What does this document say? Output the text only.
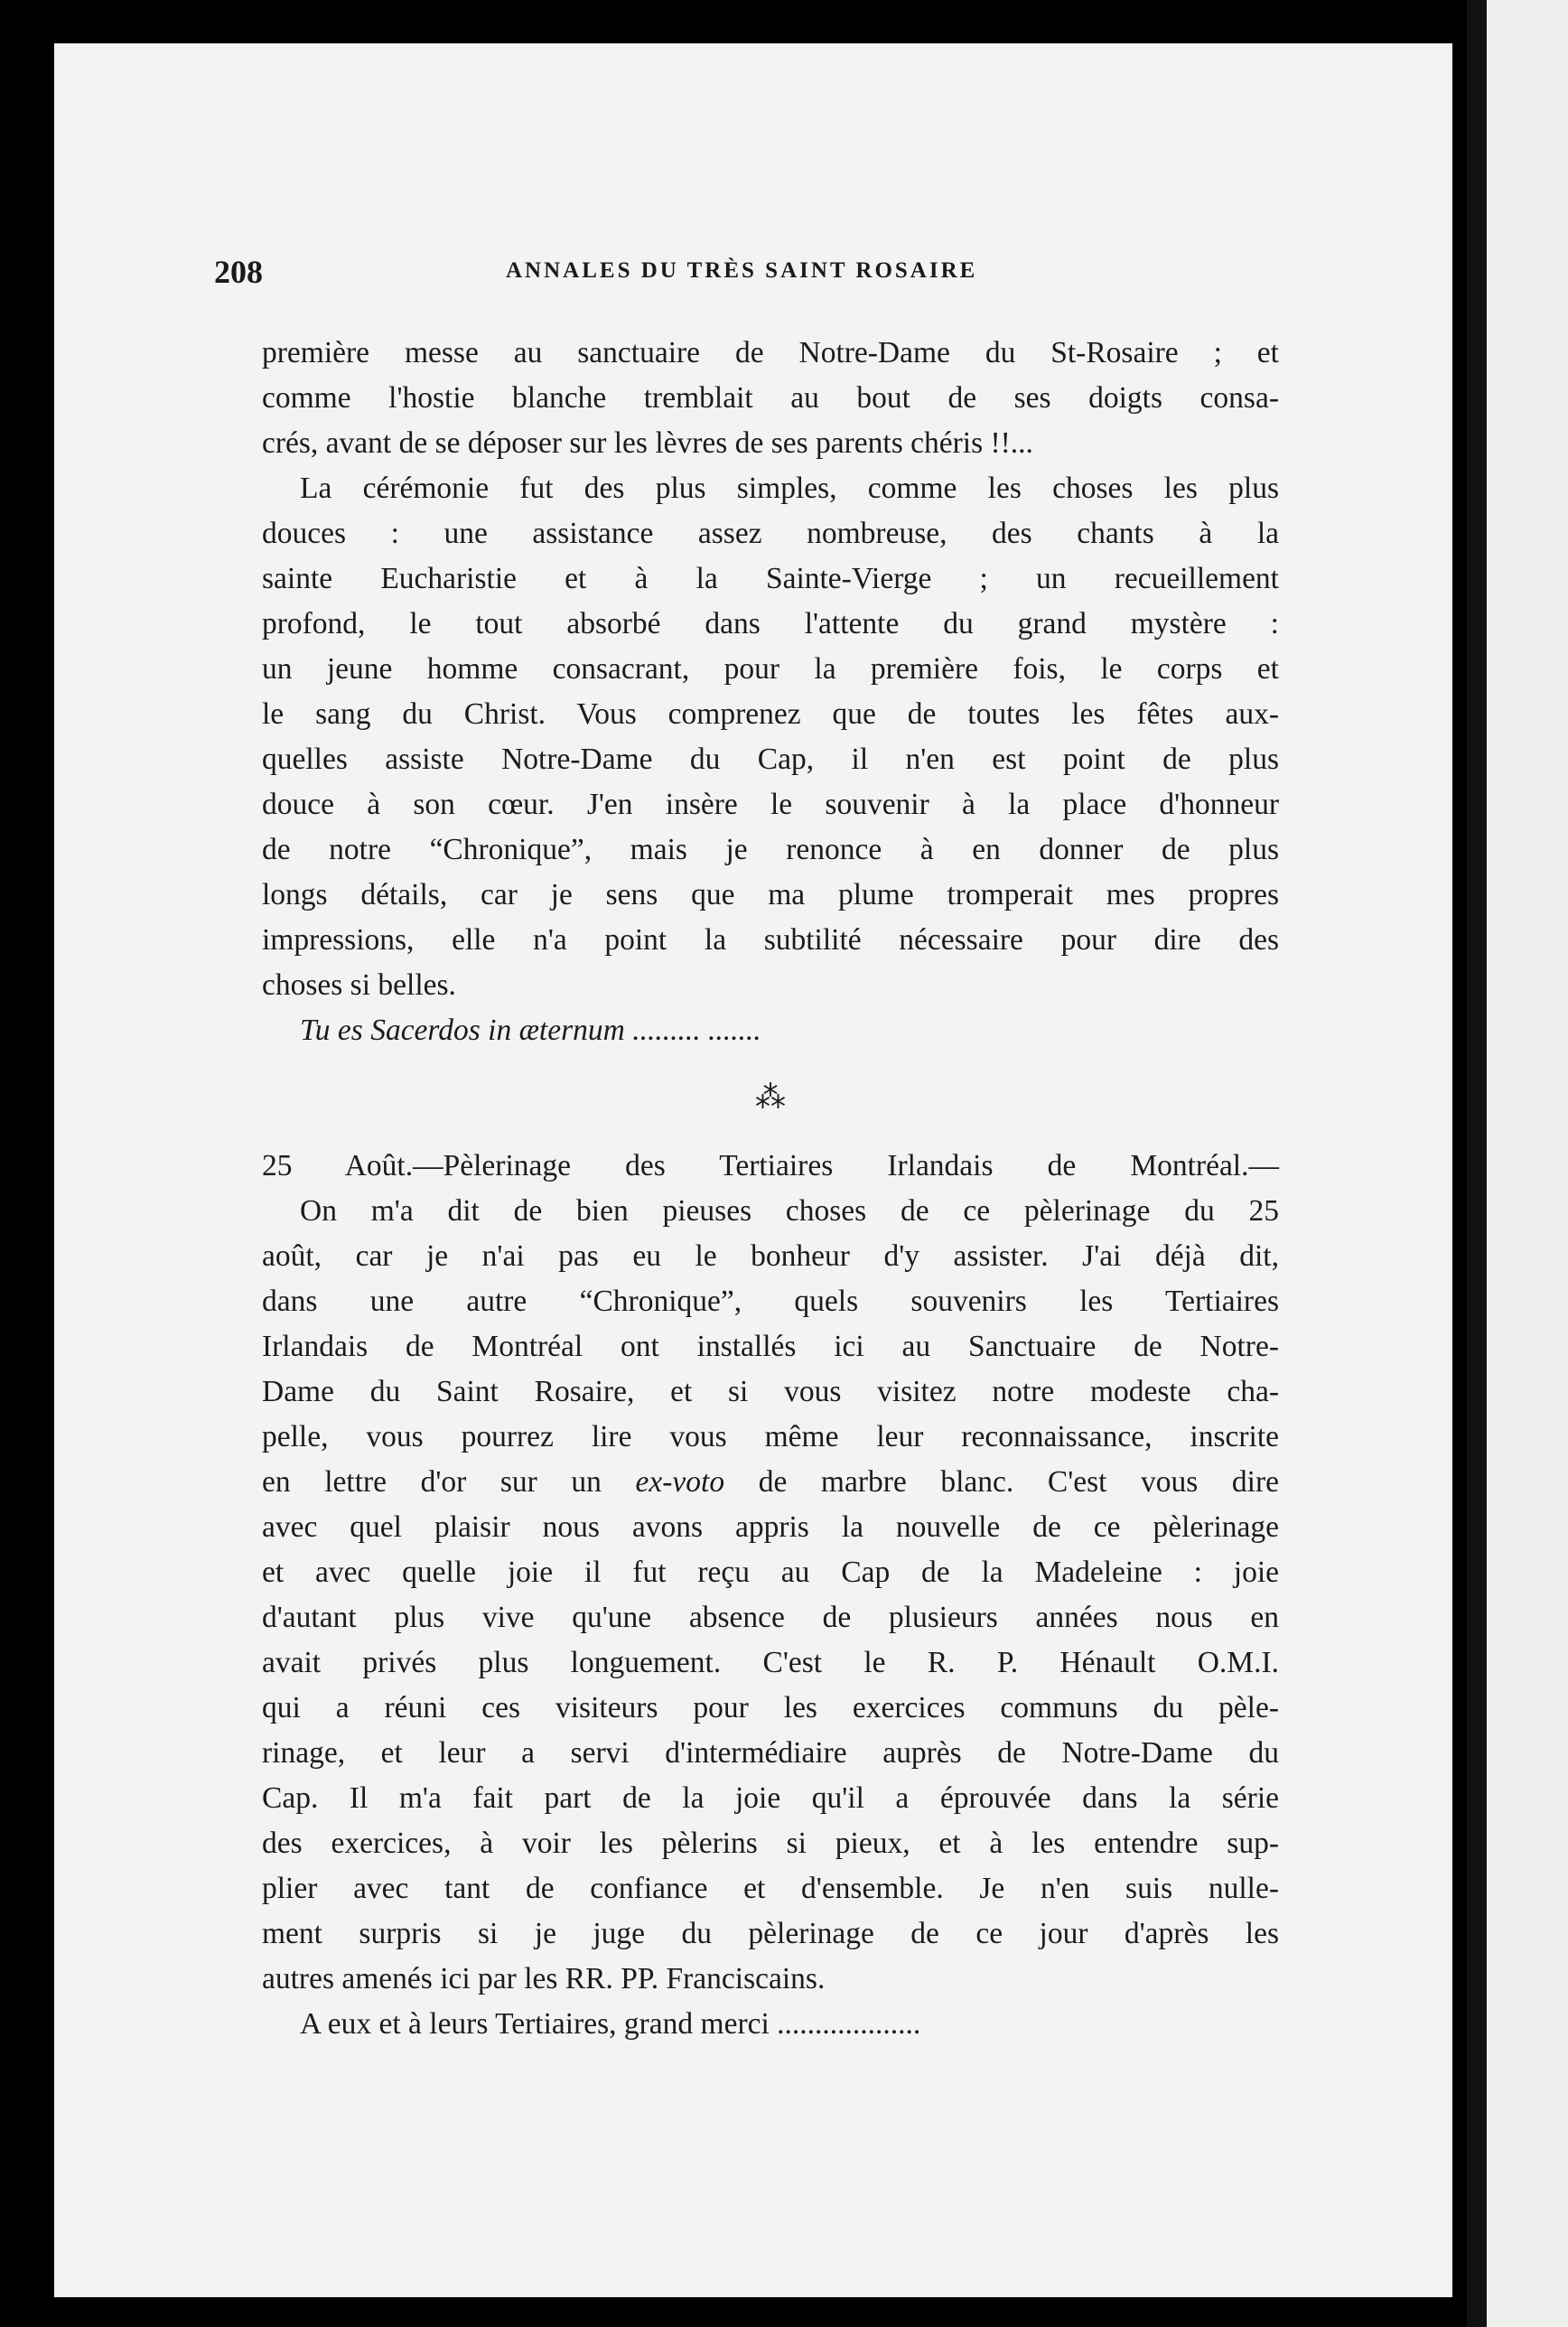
208	ANNALES DU TRÈS SAINT ROSAIRE
première messe au sanctuaire de Notre-Dame du St-Rosaire ; et
comme l'hostie blanche tremblait au bout de ses doigts consa-
crés, avant de se déposer sur les lèvres de ses parents chéris !!...
La cérémonie fut des plus simples, comme les choses les plus
douces : une assistance assez nombreuse, des chants à la
sainte Eucharistie et à la Sainte-Vierge ; un recueillement
profond, le tout absorbé dans l'attente du grand mystère :
un jeune homme consacrant, pour la première fois, le corps et
le sang du Christ. Vous comprenez que de toutes les fêtes aux-
quelles assiste Notre-Dame du Cap, il n'en est point de plus
douce à son cœur. J'en insère le souvenir à la place d'honneur
de notre “Chronique”, mais je renonce à en donner de plus
longs détails, car je sens que ma plume tromperait mes propres
impressions, elle n'a point la subtilité nécessaire pour dire des
choses si belles.
Tu es Sacerdos in æternum ......... .......
⁂
25 Août.—Pèlerinage des Tertiaires Irlandais de Montréal.—
On m'a dit de bien pieuses choses de ce pèlerinage du 25
août, car je n'ai pas eu le bonheur d'y assister. J'ai déjà dit,
dans une autre “Chronique”, quels souvenirs les Tertiaires
Irlandais de Montréal ont installés ici au Sanctuaire de Notre-
Dame du Saint Rosaire, et si vous visitez notre modeste cha-
pelle, vous pourrez lire vous même leur reconnaissance, inscrite
en lettre d'or sur un ex-voto de marbre blanc. C'est vous dire
avec quel plaisir nous avons appris la nouvelle de ce pèlerinage
et avec quelle joie il fut reçu au Cap de la Madeleine : joie
d'autant plus vive qu'une absence de plusieurs années nous en
avait privés plus longuement. C'est le R. P. Hénault O.M.I.
qui a réuni ces visiteurs pour les exercices communs du pèle-
rinage, et leur a servi d'intermédiaire auprès de Notre-Dame du
Cap. Il m'a fait part de la joie qu'il a éprouvée dans la série
des exercices, à voir les pèlerins si pieux, et à les entendre sup-
plier avec tant de confiance et d'ensemble. Je n'en suis nulle-
ment surpris si je juge du pèlerinage de ce jour d'après les
autres amenés ici par les RR. PP. Franciscains.
A eux et à leurs Tertiaires, grand merci ...................
